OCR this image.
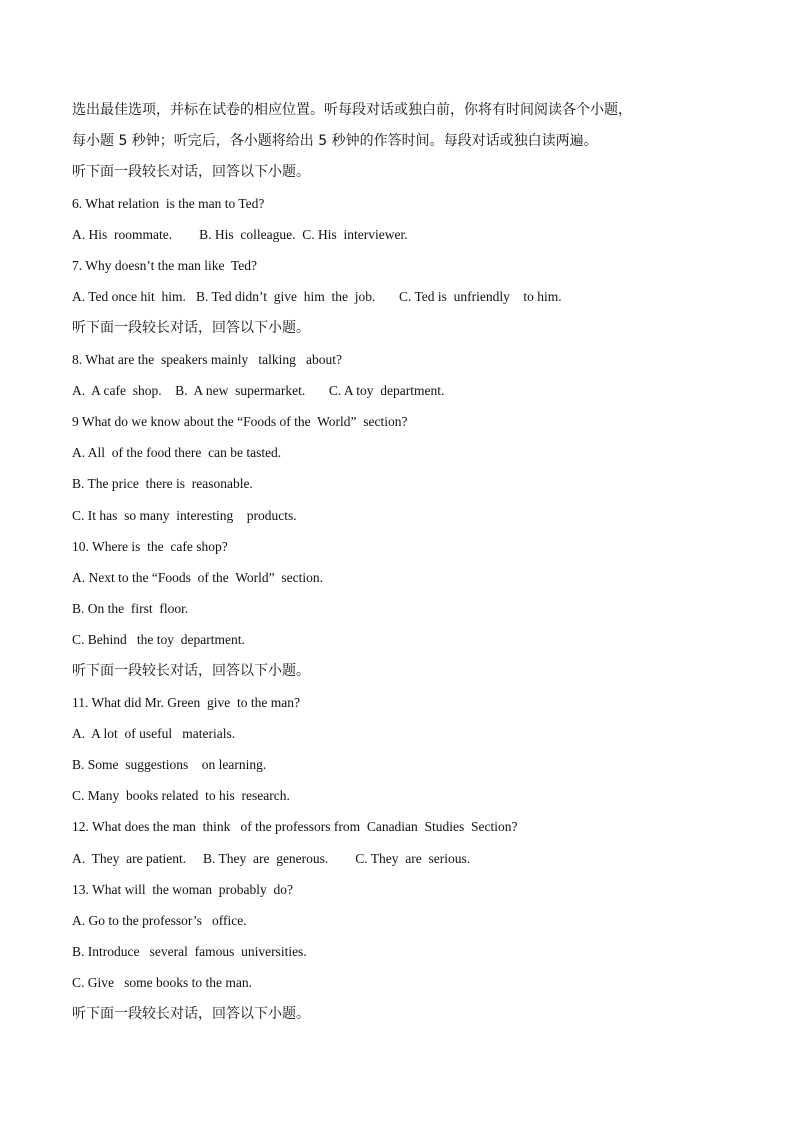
选出最佳选项，并标在试卷的相应位置。听每段对话或独白前，你将有时间阅读各个小题，
每小题 5 秒钟；听完后，各小题将给出 5 秒钟的作答时间。每段对话或独白读两遍。
听下面一段较长对话，回答以下小题。
6. What relation  is the man to Ted?
A. His  roommate.        B. His  colleague.  C. His  interviewer.
7. Why doesn’t the man like  Ted?
A. Ted once hit  him.   B. Ted didn’t  give  him  the  job.       C. Ted is  unfriendly    to him.
听下面一段较长对话，回答以下小题。
8. What are the  speakers mainly   talking   about?
A.  A cafe  shop.    B.  A new  supermarket.       C. A toy  department.
9 What do we know about the “Foods of the  World”  section?
A. All  of the food there  can be tasted.
B. The price  there is  reasonable.
C. It has  so many  interesting    products.
10. Where is  the  cafe shop?
A. Next to the “Foods  of the  World”  section.
B. On the  first  floor.
C. Behind   the toy  department.
听下面一段较长对话，回答以下小题。
11. What did Mr. Green  give  to the man?
A.  A lot  of useful   materials.
B. Some  suggestions    on learning.
C. Many  books related  to his  research.
12. What does the man  think   of the professors from  Canadian  Studies  Section?
A.  They  are patient.     B. They  are  generous.        C. They  are  serious.
13. What will  the woman  probably  do?
A. Go to the professor’s   office.
B. Introduce   several  famous  universities.
C. Give   some books to the man.
听下面一段较长对话，回答以下小题。
